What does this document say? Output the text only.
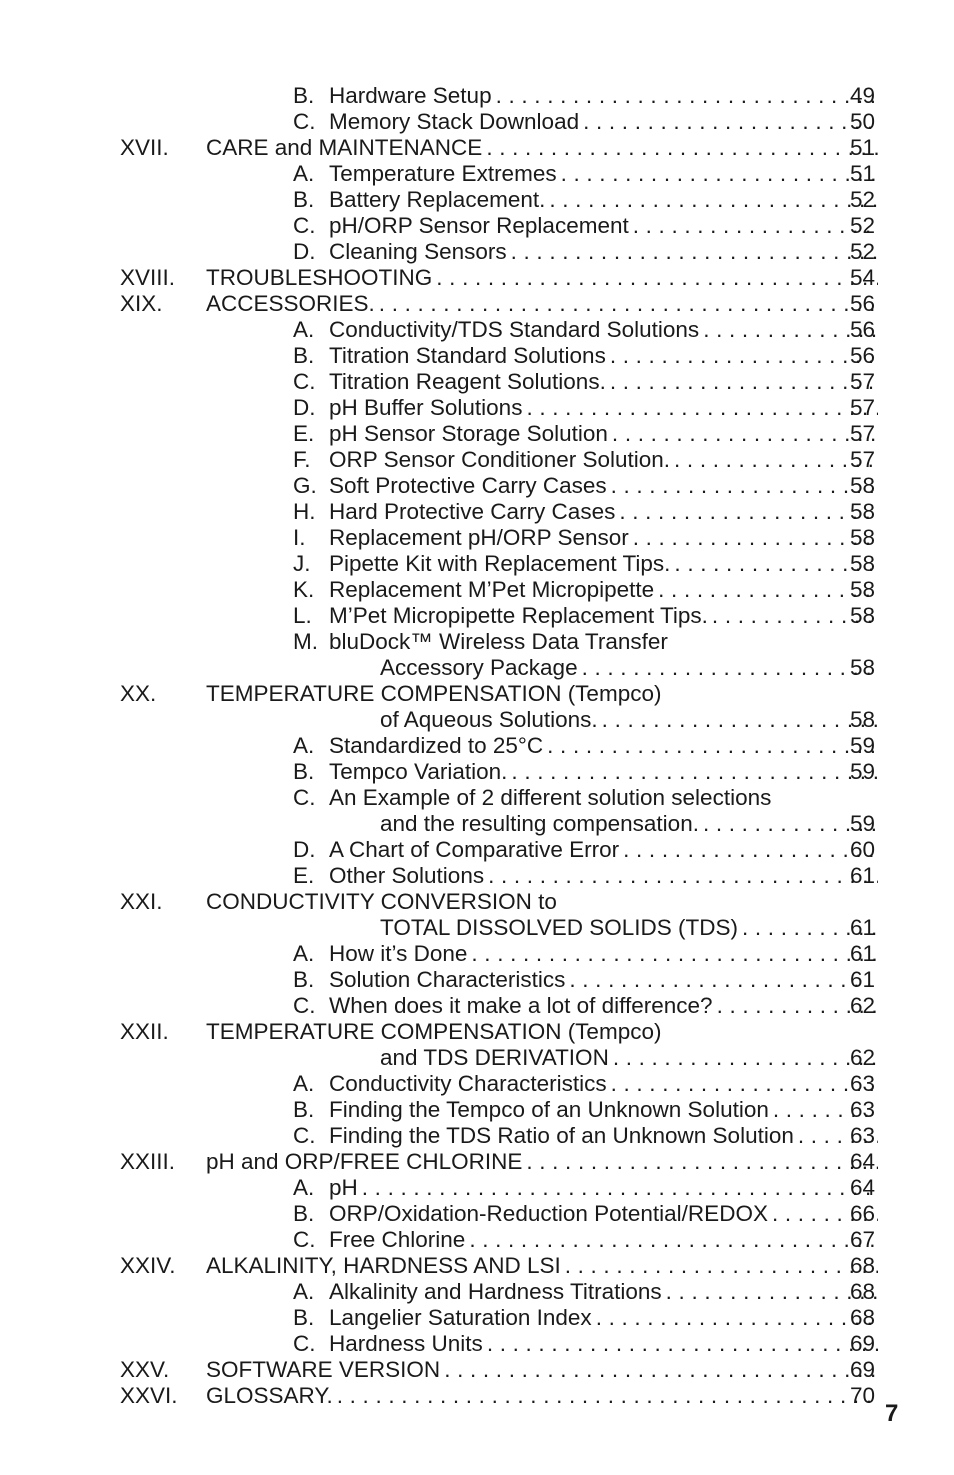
B. Hardware Setup . . .	49
C. Memory Stack Download . . .	50
XVII. CARE and MAINTENANCE . . .	51
A. Temperature Extremes . . .	51
B. Battery Replacement. . . .	52
C. pH/ORP Sensor Replacement . . .	52
D. Cleaning Sensors . . .	52
XVIII. TROUBLESHOOTING . . .	54
XIX. ACCESSORIES. . . .	56
A. Conductivity/TDS Standard Solutions . . .	56
B. Titration Standard Solutions . . .	56
C. Titration Reagent Solutions. . . .	57
D. pH Buffer Solutions . . .	57
E. pH Sensor Storage Solution . . .	57
F. ORP Sensor Conditioner Solution. . . .	57
G. Soft Protective Carry Cases . . .	58
H. Hard Protective Carry Cases . . .	58
I. Replacement pH/ORP Sensor . . .	58
J. Pipette Kit with Replacement Tips. . . .	58
K. Replacement M’Pet Micropipette . . .	58
L. M’Pet Micropipette Replacement Tips. . . .	58
M. bluDock™ Wireless Data Transfer
Accessory Package . . .	58
XX. TEMPERATURE COMPENSATION (Tempco)
of Aqueous Solutions. . . .	58
A. Standardized to 25°C . . .	59
B. Tempco Variation. . . .	59
C. An Example of 2 different solution selections
and the resulting compensation. . . .	59
D. A Chart of Comparative Error . . .	60
E. Other Solutions . . .	61
XXI. CONDUCTIVITY CONVERSION to
TOTAL DISSOLVED SOLIDS (TDS) . . .	61
A. How it’s Done . . .	61
B. Solution Characteristics . . .	61
C. When does it make a lot of difference? . . .	62
XXII. TEMPERATURE COMPENSATION (Tempco)
and TDS DERIVATION . . .	62
A. Conductivity Characteristics . . .	63
B. Finding the Tempco of an Unknown Solution . . .	63
C. Finding the TDS Ratio of an Unknown Solution . . . 63
XXIII. pH and ORP/FREE CHLORINE . . .	64
A. pH . . .	64
B. ORP/Oxidation-Reduction Potential/REDOX . . .	66
C. Free Chlorine . . .	67
XXIV. ALKALINITY, HARDNESS AND LSI . . .	68
A. Alkalinity and Hardness Titrations . . .	68
B. Langelier Saturation Index . . .	68
C. Hardness Units . . .	69
XXV. SOFTWARE VERSION . . .	69
XXVI. GLOSSARY. . . .	70
7
